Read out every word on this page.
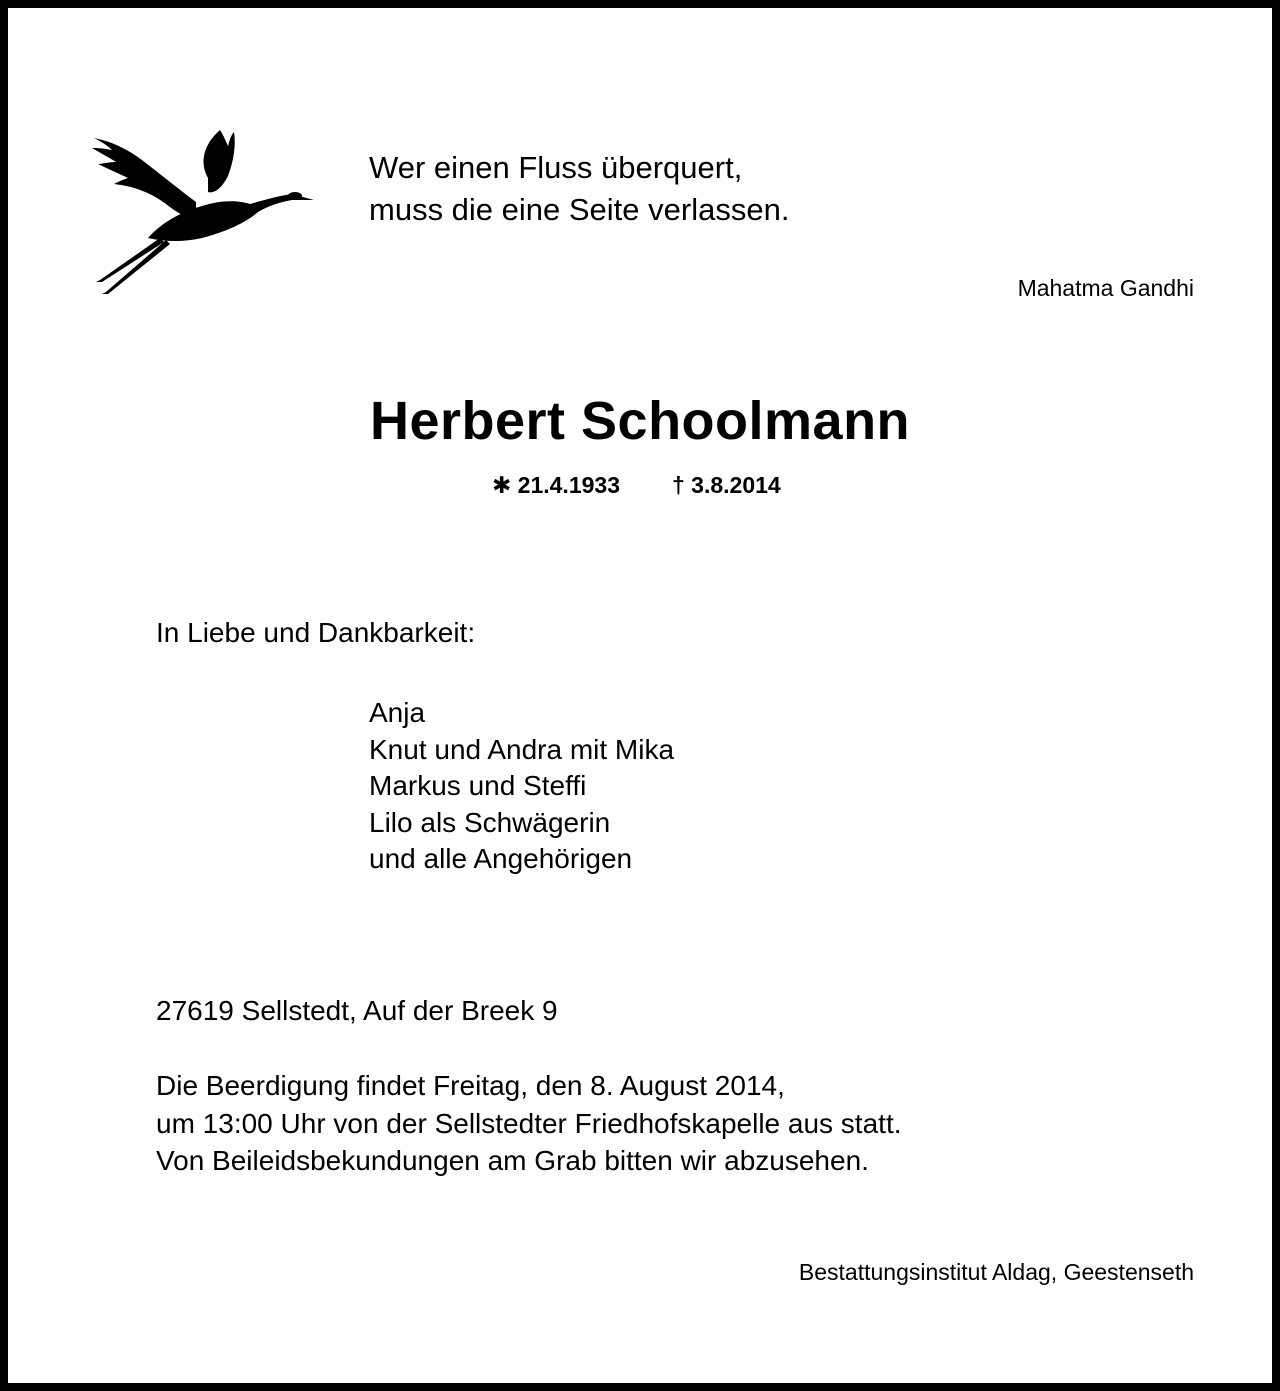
Wer einen Fluss überquert,
muss die eine Seite verlassen.
Mahatma Gandhi
Herbert Schoolmann
✱ 21.4.1933 † 3.8.2014
In Liebe und Dankbarkeit:
Anja
Knut und Andra mit Mika
Markus und Steffi
Lilo als Schwägerin
und alle Angehörigen
27619 Sellstedt, Auf der Breek 9
Die Beerdigung findet Freitag, den 8. August 2014,
um 13:00 Uhr von der Sellstedter Friedhofskapelle aus statt.
Von Beileidsbekundungen am Grab bitten wir abzusehen.
Bestattungsinstitut Aldag, Geestenseth
